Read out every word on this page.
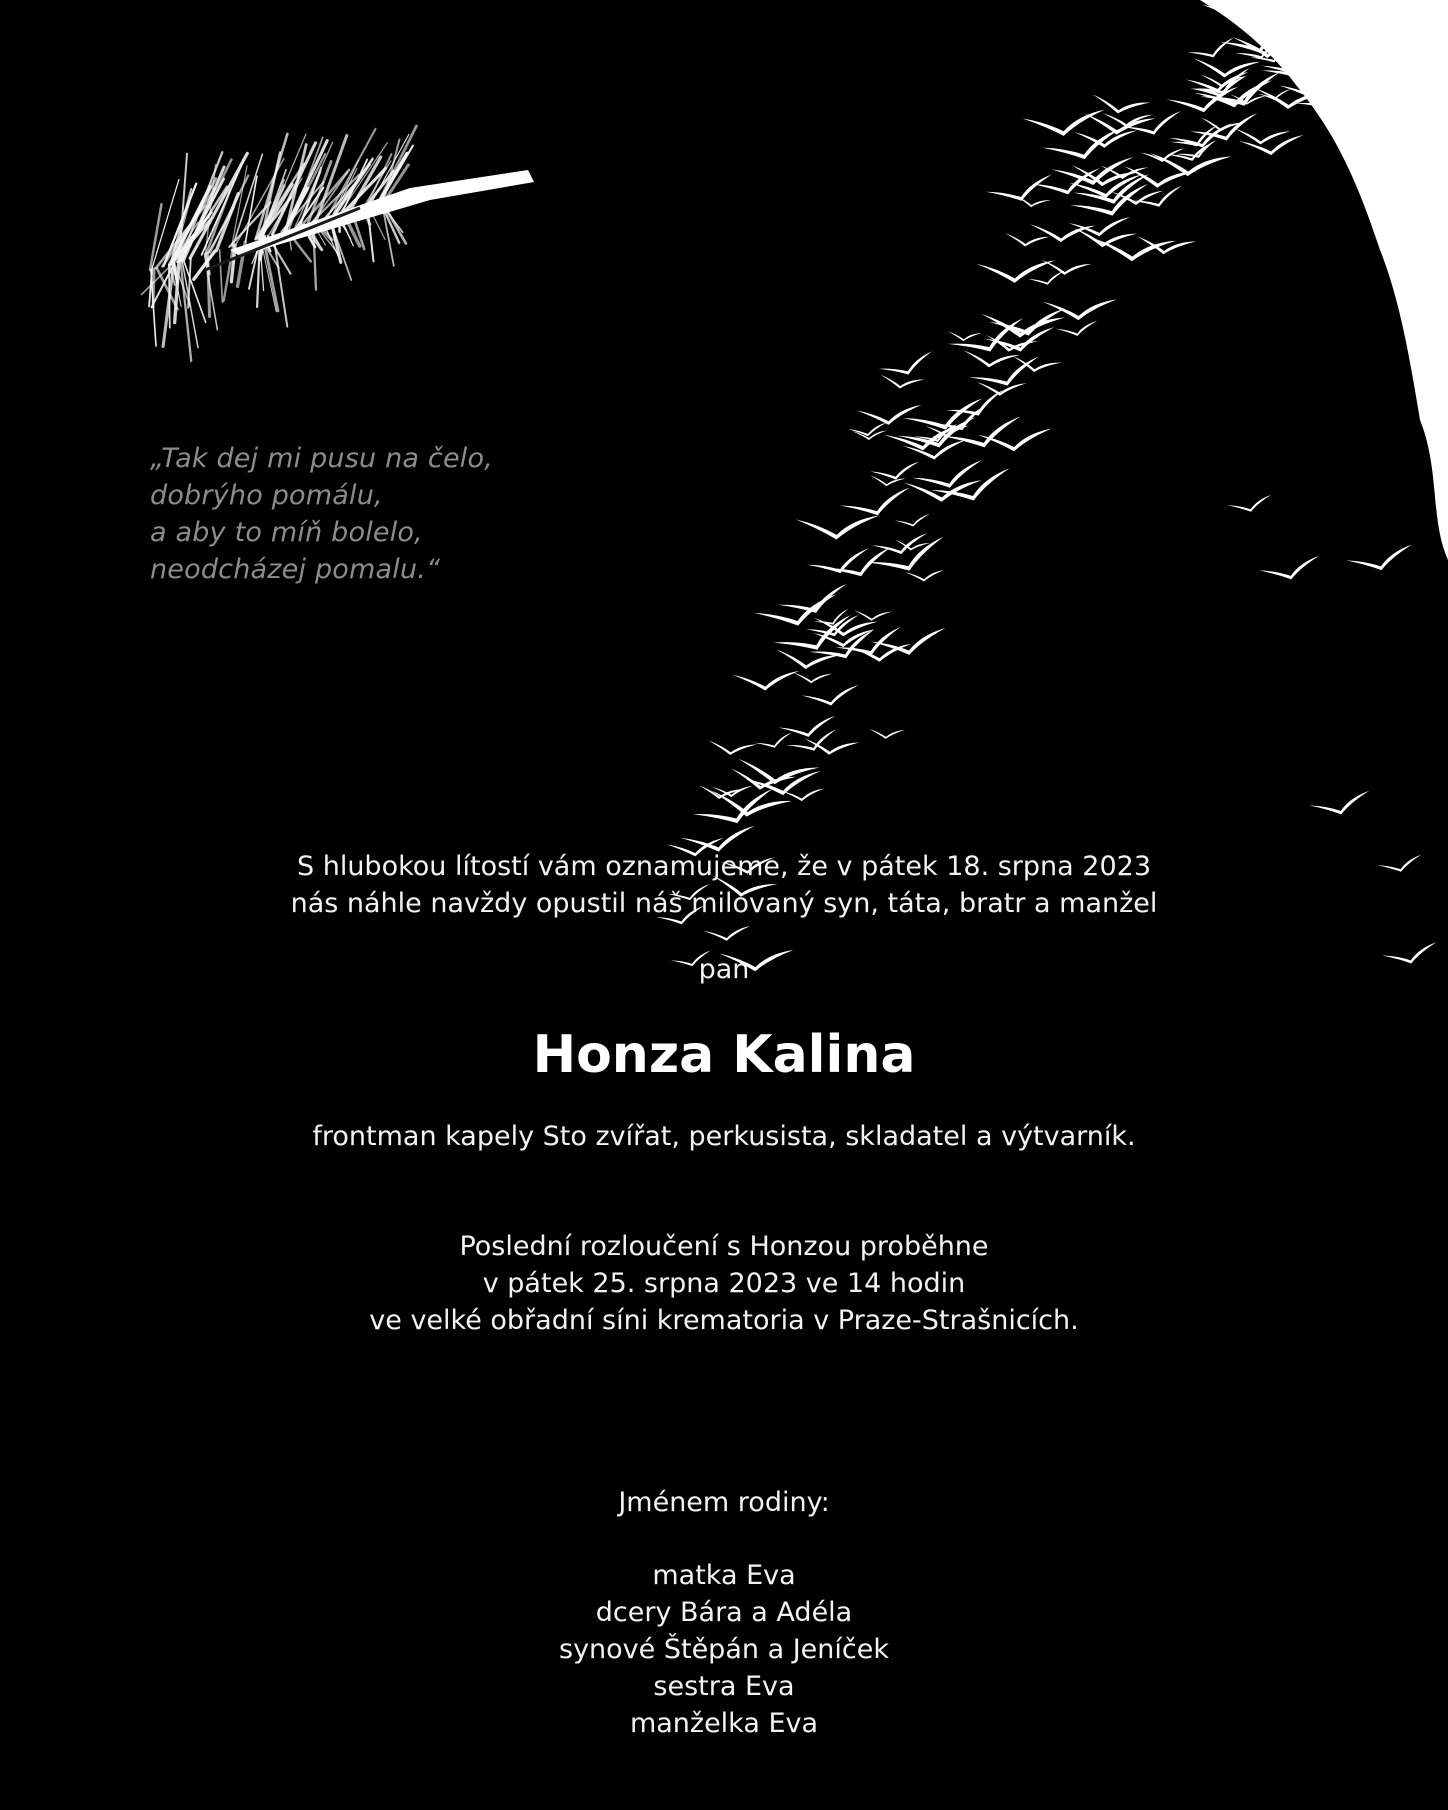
„Tak dej mi pusu na čelo,
dobrýho pomálu,
a aby to míň bolelo,
neodcházej pomalu.“
S hlubokou lítostí vám oznamujeme, že v pátek 18. srpna 2023
nás náhle navždy opustil náš milovaný syn, táta, bratr a manžel
pan
Honza Kalina
frontman kapely Sto zvířat, perkusista, skladatel a výtvarník.
Poslední rozloučení s Honzou proběhne
v pátek 25. srpna 2023 ve 14 hodin
ve velké obřadní síni krematoria v Praze-Strašnicích.
Jménem rodiny:
matka Eva
dcery Bára a Adéla
synové Štěpán a Jeníček
sestra Eva
manželka Eva
